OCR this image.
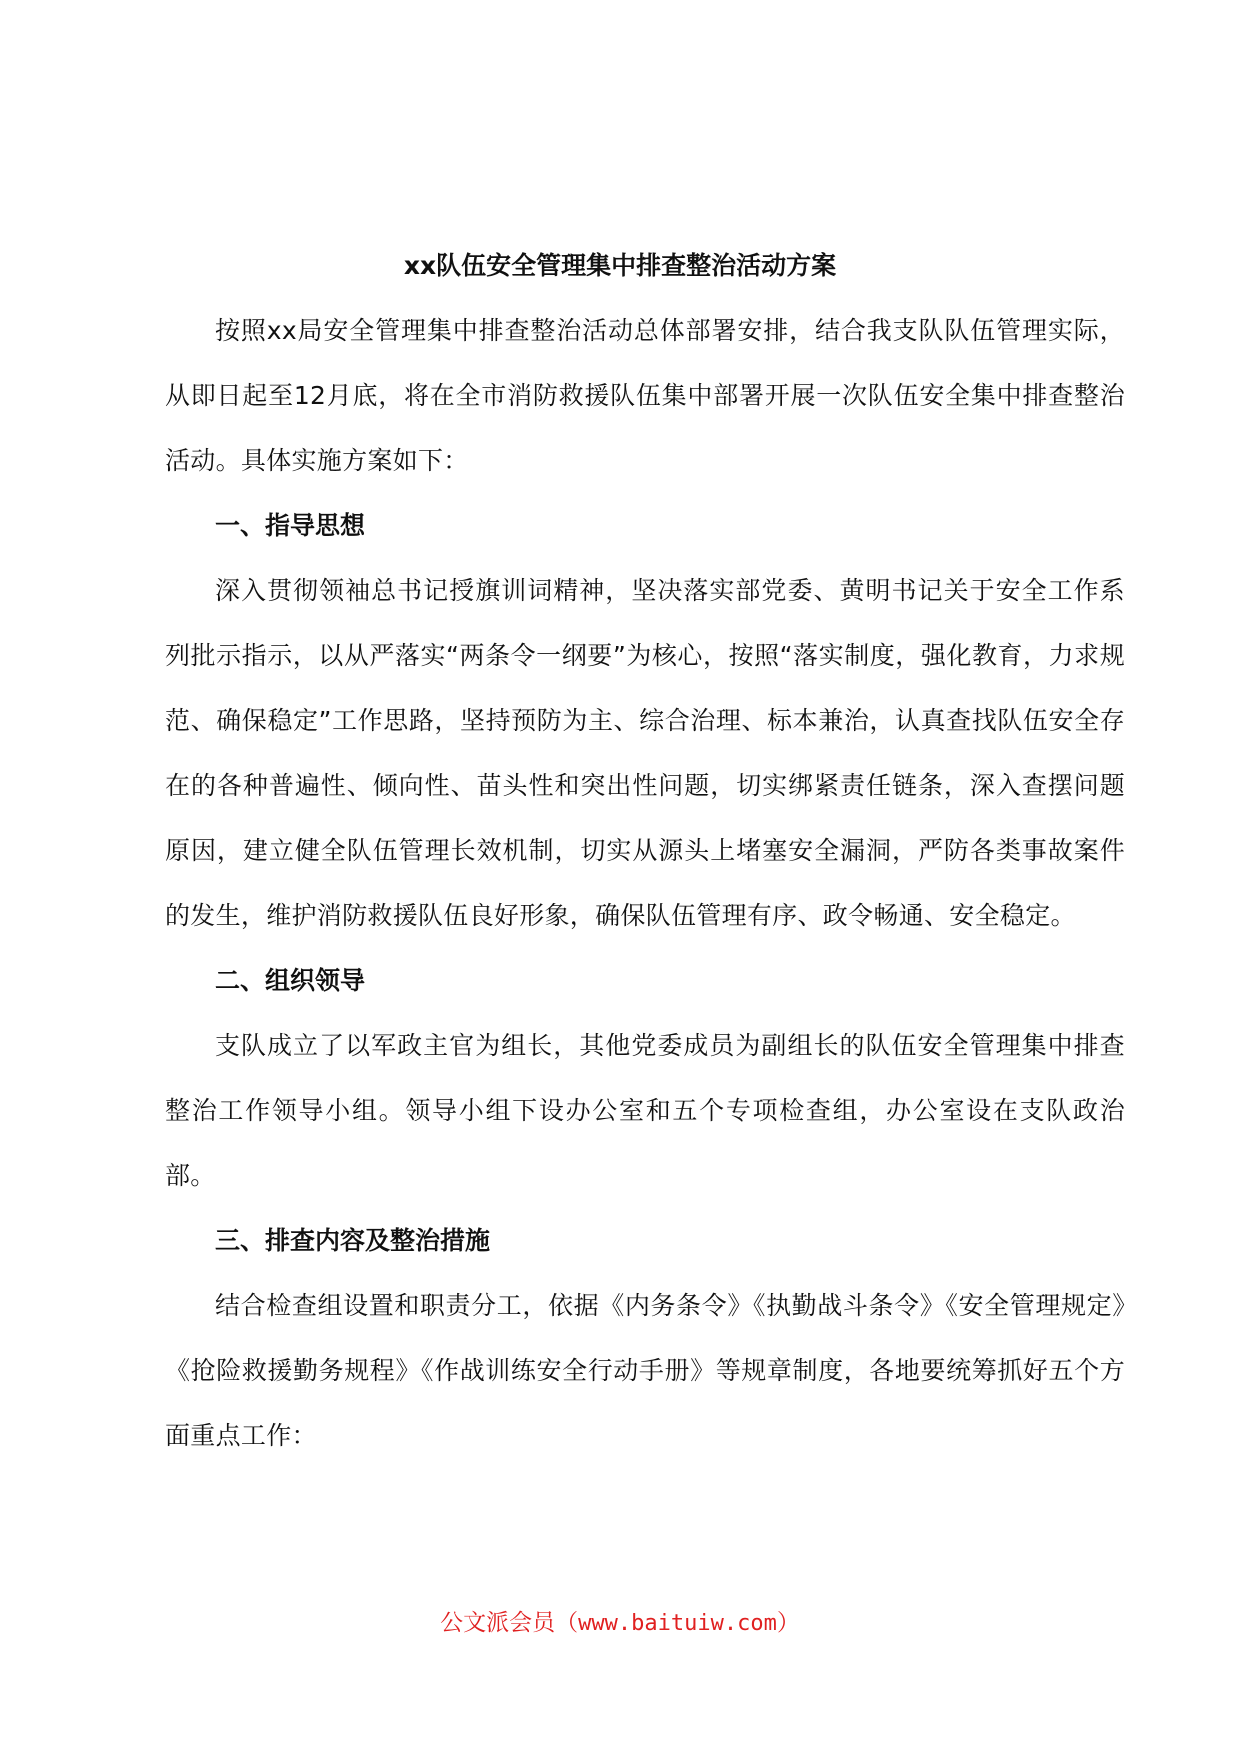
xx队伍安全管理集中排查整治活动方案

按照xx局安全管理集中排查整治活动总体部署安排，结合我支队队伍管理实际，从即日起至12月底，将在全市消防救援队伍集中部署开展一次队伍安全集中排查整治活动。具体实施方案如下：

一、指导思想

深入贯彻领袖总书记授旗训词精神，坚决落实部党委、黄明书记关于安全工作系列批示指示，以从严落实“两条令一纲要”为核心，按照“落实制度，强化教育，力求规范、确保稳定”工作思路，坚持预防为主、综合治理、标本兼治，认真查找队伍安全存在的各种普遍性、倾向性、苗头性和突出性问题，切实绑紧责任链条，深入查摆问题原因，建立健全队伍管理长效机制，切实从源头上堵塞安全漏洞，严防各类事故案件的发生，维护消防救援队伍良好形象，确保队伍管理有序、政令畅通、安全稳定。

二、组织领导

支队成立了以军政主官为组长，其他党委成员为副组长的队伍安全管理集中排查整治工作领导小组。领导小组下设办公室和五个专项检查组，办公室设在支队政治部。

三、排查内容及整治措施

结合检查组设置和职责分工，依据《内务条令》《执勤战斗条令》《安全管理规定》《抢险救援勤务规程》《作战训练安全行动手册》等规章制度，各地要统筹抓好五个方面重点工作：

公文派会员（www.baituiw.com）
